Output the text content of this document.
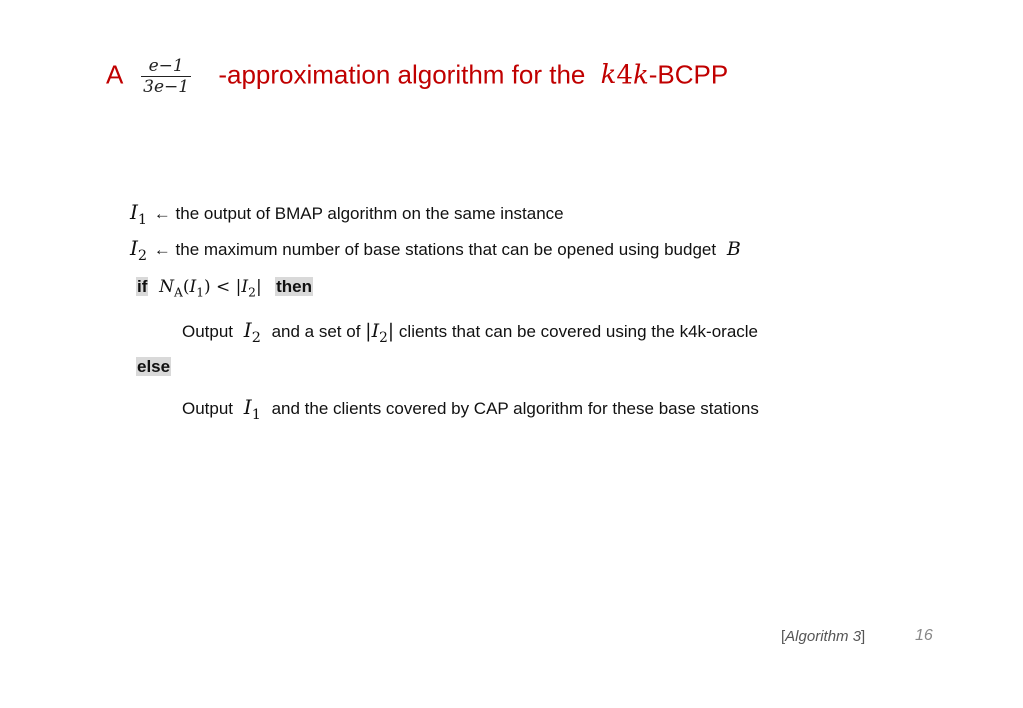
A $\frac{e-1}{3e-1}$ -approximation algorithm for the k4k-BCPP
$I_1$ ← the output of BMAP algorithm on the same instance
$I_2$ ← the maximum number of base stations that can be opened using budget B
if $N_A(I_1) < |I_2|$ then
Output $I_2$ and a set of $|I_2|$ clients that can be covered using the k4k-oracle
else
Output $I_1$ and the clients covered by CAP algorithm for these base stations
[Algorithm 3]	16
